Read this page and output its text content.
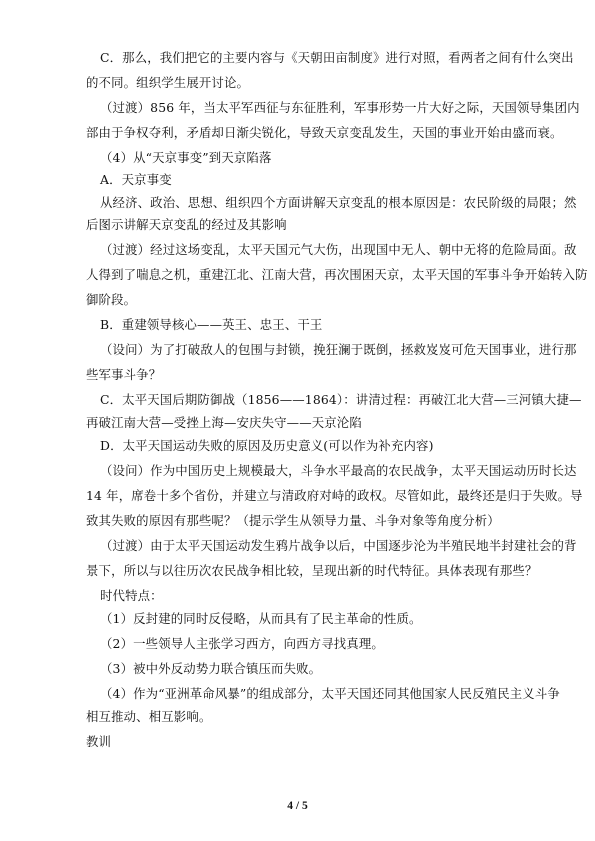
C．那么，我们把它的主要内容与《天朝田亩制度》进行对照，看两者之间有什么突出
的不同。组织学生展开讨论。
（过渡）856 年，当太平军西征与东征胜利，军事形势一片大好之际，天国领导集团内
部由于争权夺利，矛盾却日渐尖锐化，导致天京变乱发生，天国的事业开始由盛而衰。
（4）从“天京事变”到天京陷落
A．天京事变
从经济、政治、思想、组织四个方面讲解天京变乱的根本原因是：农民阶级的局限；然
后图示讲解天京变乱的经过及其影响
（过渡）经过这场变乱，太平天国元气大伤，出现国中无人、朝中无将的危险局面。敌
人得到了喘息之机，重建江北、江南大营，再次围困天京，太平天国的军事斗争开始转入防
御阶段。
B．重建领导核心——英王、忠王、干王
（设问）为了打破敌人的包围与封锁，挽狂澜于既倒，拯救岌岌可危天国事业，进行那
些军事斗争？
C．太平天国后期防御战（1856——1864）：讲清过程：再破江北大营—三河镇大捷—
再破江南大营—受挫上海—安庆失守——天京沦陷
D．太平天国运动失败的原因及历史意义(可以作为补充内容)
（设问）作为中国历史上规模最大，斗争水平最高的农民战争，太平天国运动历时长达
14 年，席卷十多个省份，并建立与清政府对峙的政权。尽管如此，最终还是归于失败。导
致其失败的原因有那些呢？（提示学生从领导力量、斗争对象等角度分析）
（过渡）由于太平天国运动发生鸦片战争以后，中国逐步沦为半殖民地半封建社会的背
景下，所以与以往历次农民战争相比较，呈现出新的时代特征。具体表现有那些？
时代特点：
（1）反封建的同时反侵略，从而具有了民主革命的性质。
（2）一些领导人主张学习西方，向西方寻找真理。
（3）被中外反动势力联合镇压而失败。
（4）作为“亚洲革命风暴”的组成部分，太平天国还同其他国家人民反殖民主义斗争
相互推动、相互影响。
教训
4 / 5
